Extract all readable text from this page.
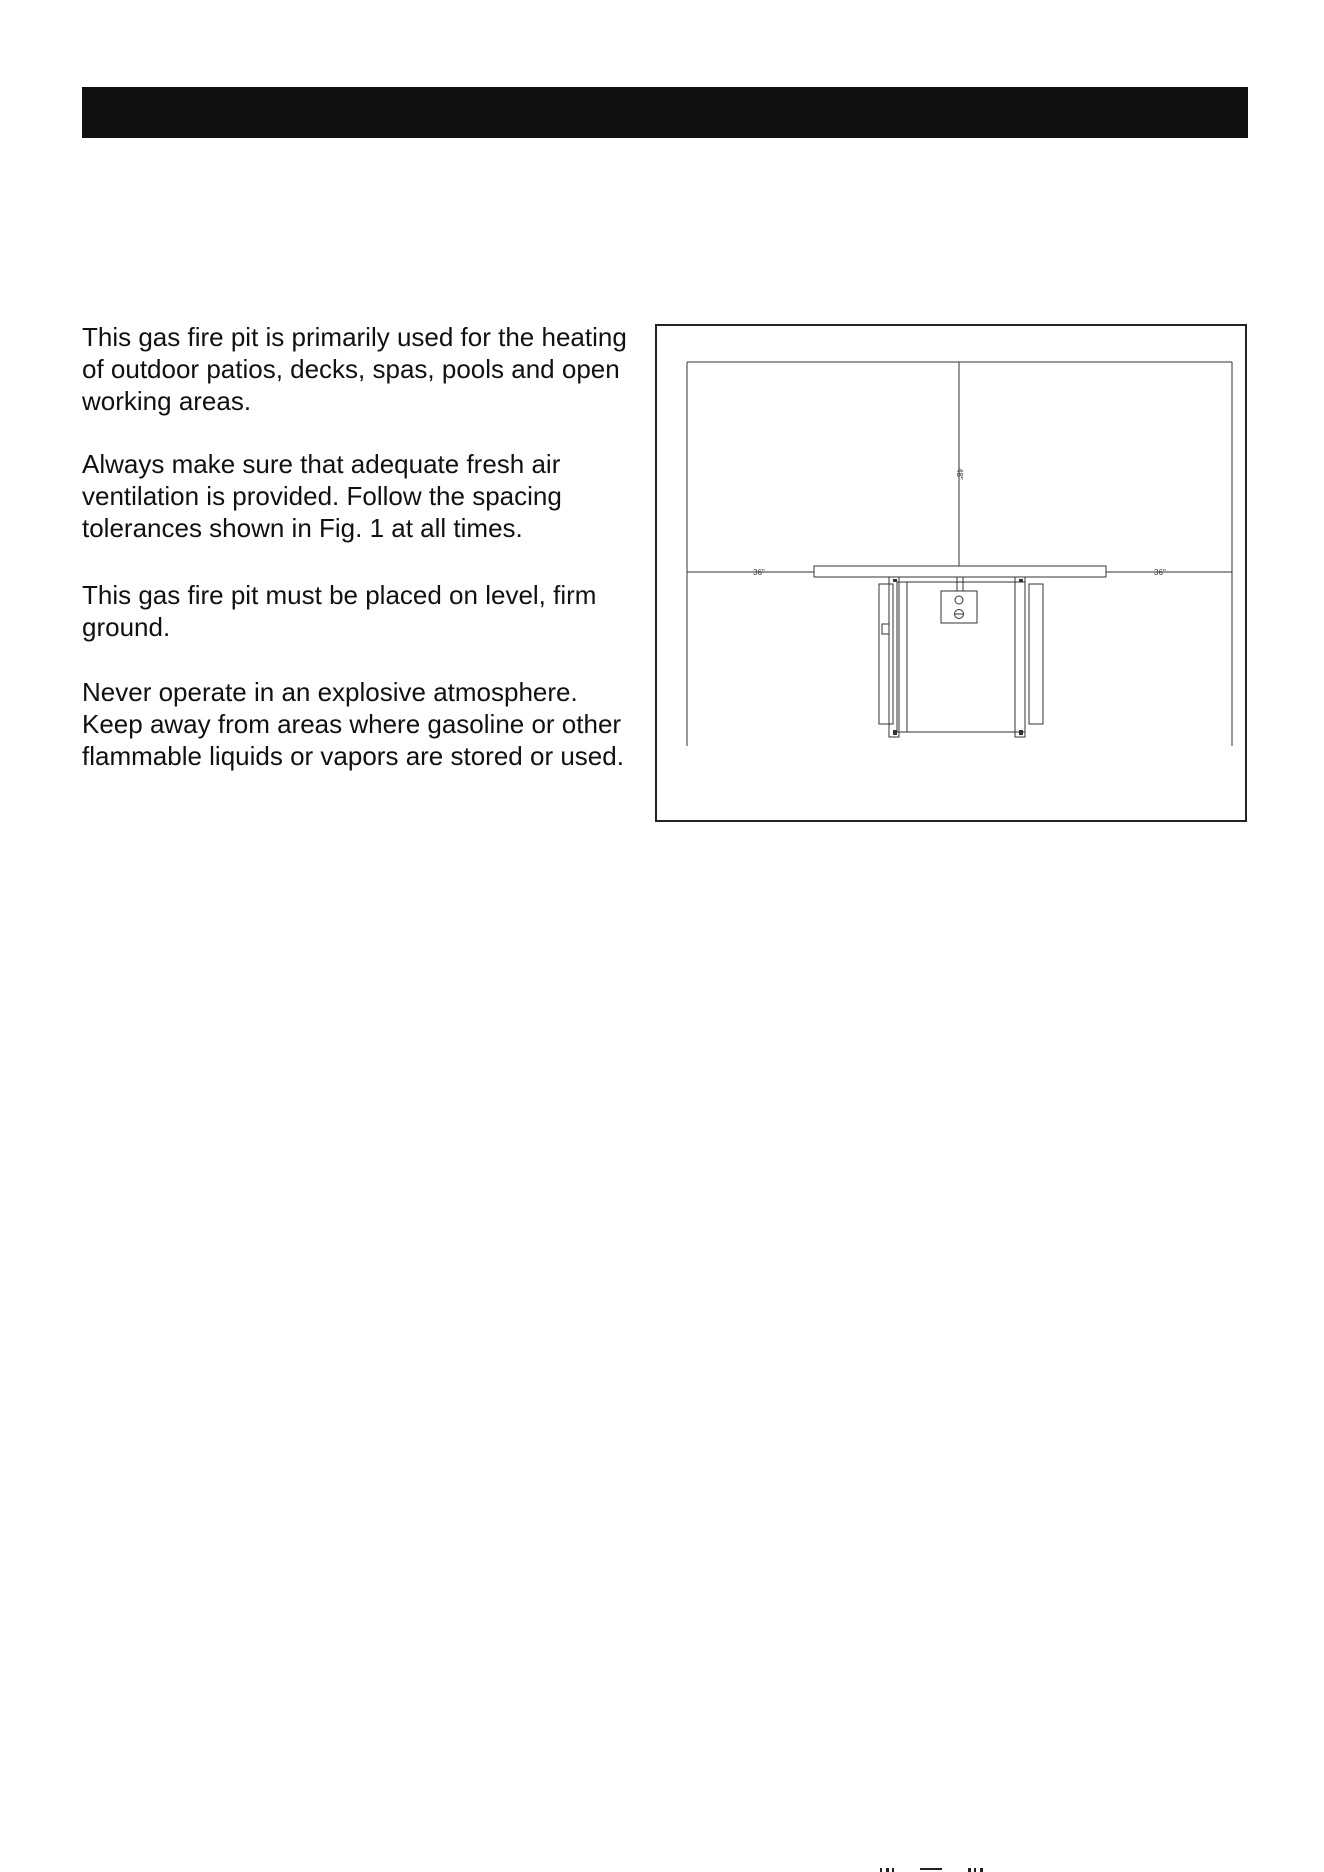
This gas fire pit is primarily used for the heating
of outdoor patios, decks, spas, pools and open
working areas.

Always make sure that adequate fresh air
ventilation is provided. Follow the spacing
tolerances shown in Fig. 1 at all times.

This gas fire pit must be placed on level, firm
ground.

Never operate in an explosive atmosphere.
Keep away from areas where gasoline or other
flammable liquids or vapors are stored or used.

36"	36"
48"
